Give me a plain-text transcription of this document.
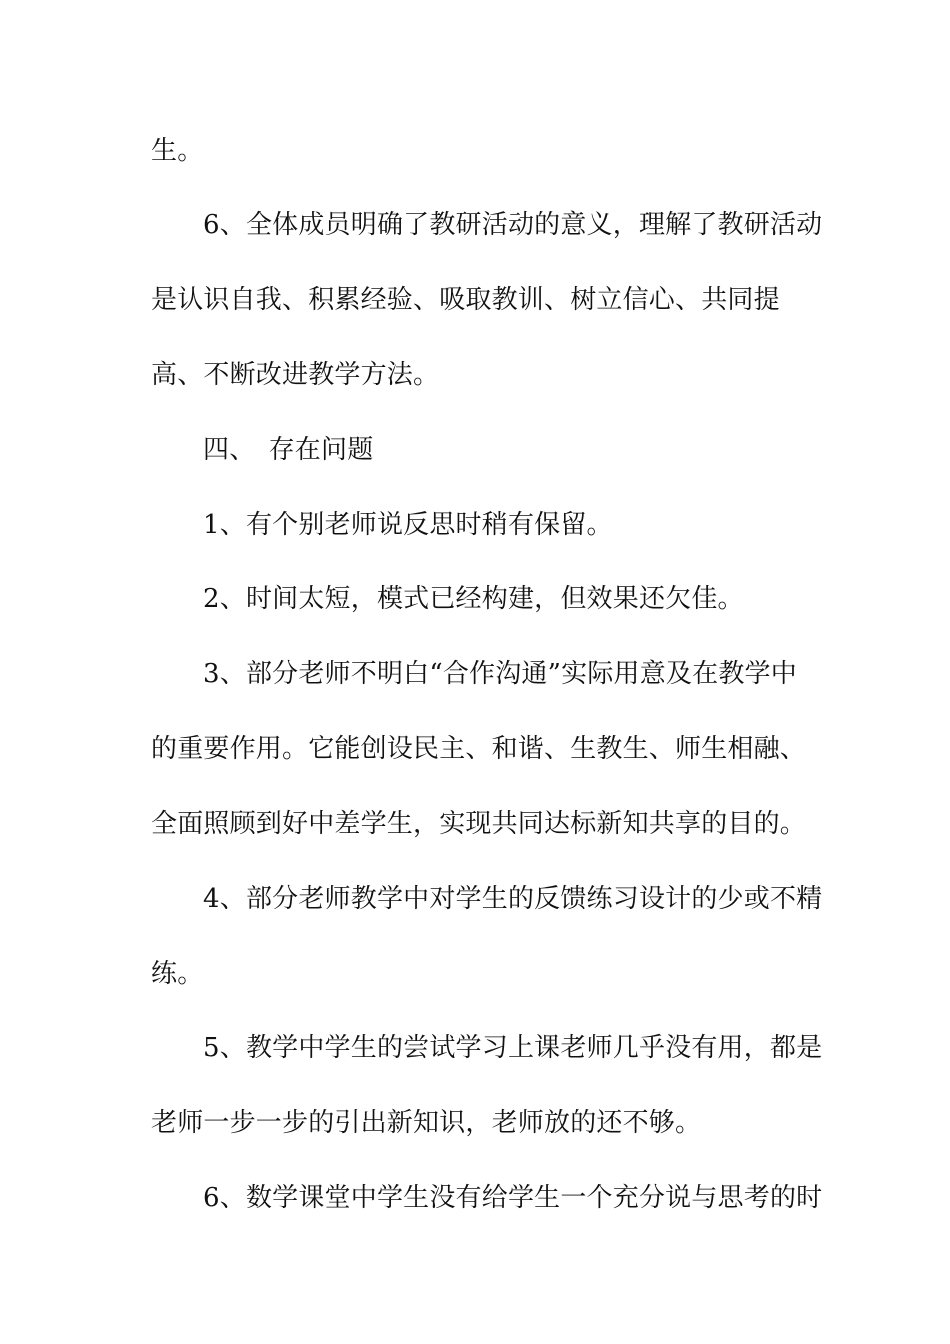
生。
6、全体成员明确了教研活动的意义，理解了教研活动
是认识自我、积累经验、吸取教训、树立信心、共同提
高、不断改进教学方法。
四、　存在问题
1、有个别老师说反思时稍有保留。
2、时间太短，模式已经构建，但效果还欠佳。
3、部分老师不明白“合作沟通”实际用意及在教学中
的重要作用。它能创设民主、和谐、生教生、师生相融、
全面照顾到好中差学生，实现共同达标新知共享的目的。
4、部分老师教学中对学生的反馈练习设计的少或不精
练。
5、教学中学生的尝试学习上课老师几乎没有用，都是
老师一步一步的引出新知识，老师放的还不够。
6、数学课堂中学生没有给学生一个充分说与思考的时
